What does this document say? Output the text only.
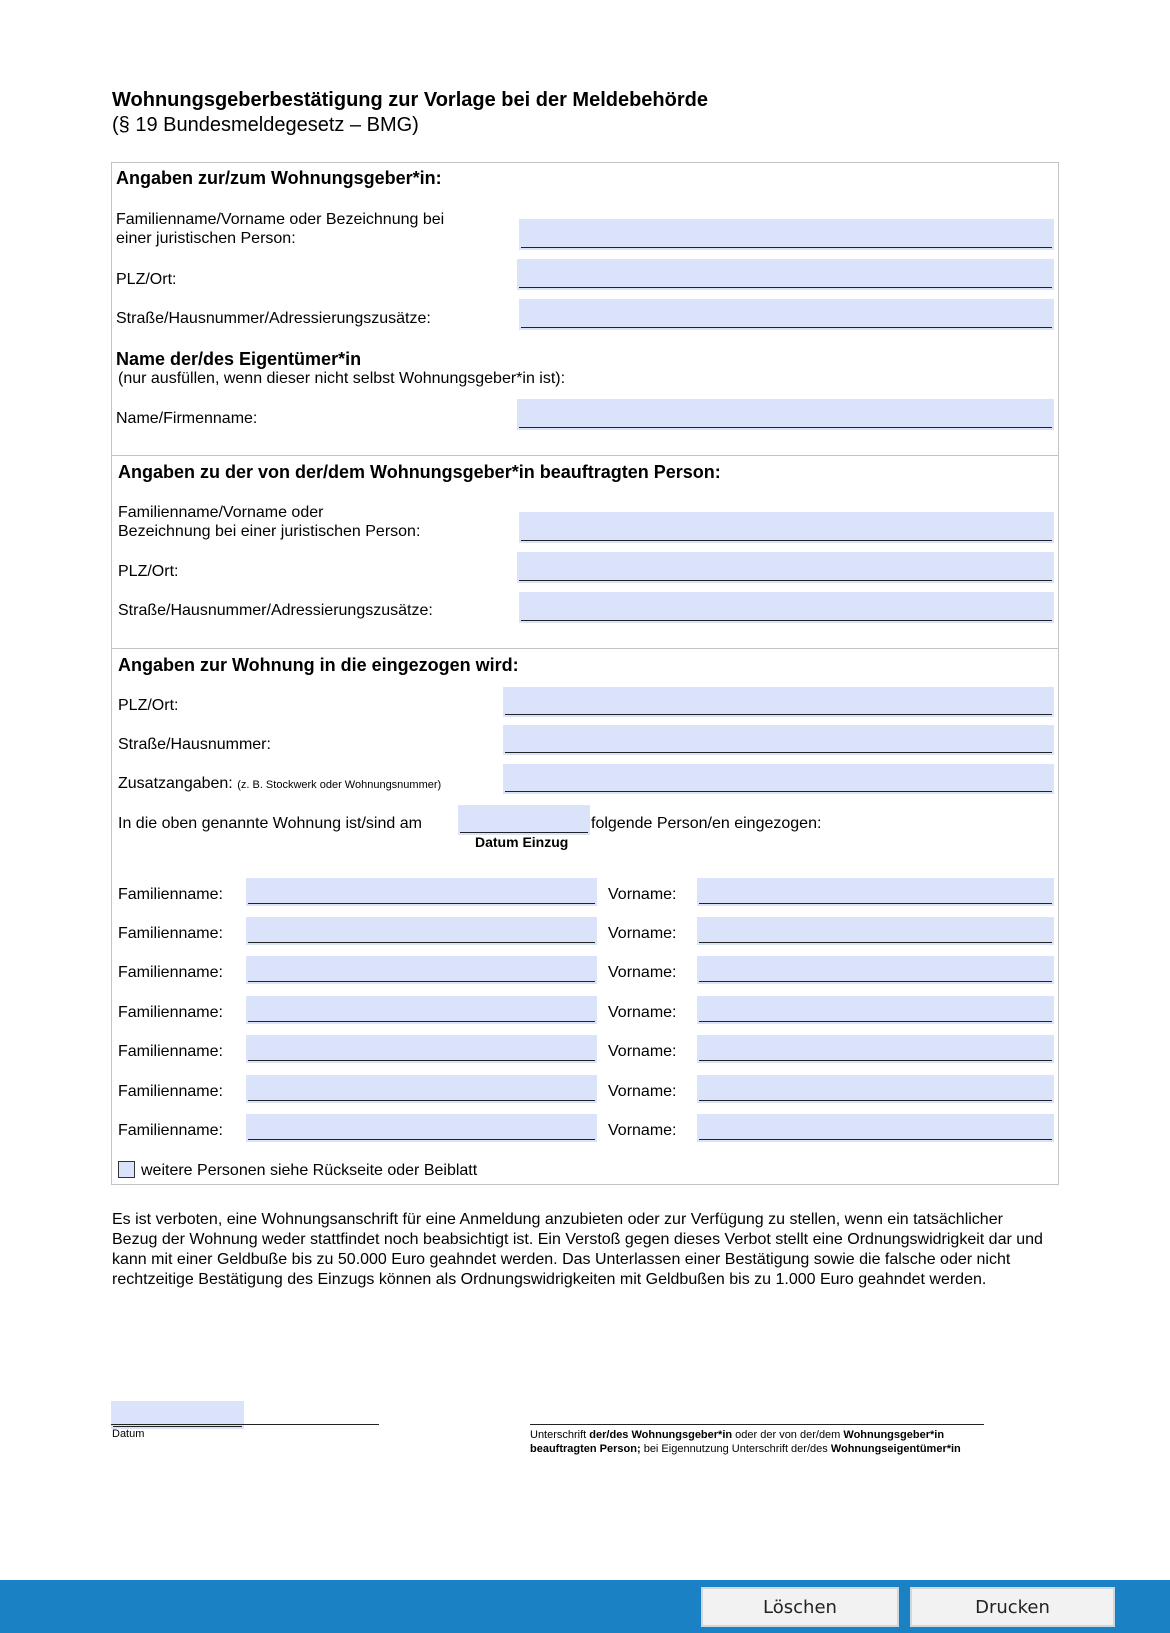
Wohnungsgeberbestätigung zur Vorlage bei der Meldebehörde
(§ 19 Bundesmeldegesetz – BMG)
Angaben zur/zum Wohnungsgeber*in:
Familienname/Vorname oder Bezeichnung bei
einer juristischen Person:
PLZ/Ort:
Straße/Hausnummer/Adressierungszusätze:
Name der/des Eigentümer*in
(nur ausfüllen, wenn dieser nicht selbst Wohnungsgeber*in ist):
Name/Firmenname:
Angaben zu der von der/dem Wohnungsgeber*in beauftragten Person:
Familienname/Vorname oder
Bezeichnung bei einer juristischen Person:
PLZ/Ort:
Straße/Hausnummer/Adressierungszusätze:
Angaben zur Wohnung in die eingezogen wird:
PLZ/Ort:
Straße/Hausnummer:
Zusatzangaben: (z. B. Stockwerk oder Wohnungsnummer)
In die oben genannte Wohnung ist/sind am	folgende Person/en eingezogen:
Datum Einzug
Familienname:	Vorname:
Familienname:	Vorname:
Familienname:	Vorname:
Familienname:	Vorname:
Familienname:	Vorname:
Familienname:	Vorname:
Familienname:	Vorname:
weitere Personen siehe Rückseite oder Beiblatt
Es ist verboten, eine Wohnungsanschrift für eine Anmeldung anzubieten oder zur Verfügung zu stellen, wenn ein tatsächlicher Bezug der Wohnung weder stattfindet noch beabsichtigt ist. Ein Verstoß gegen dieses Verbot stellt eine Ordnungswidrigkeit dar und kann mit einer Geldbuße bis zu 50.000 Euro geahndet werden. Das Unterlassen einer Bestätigung sowie die falsche oder nicht rechtzeitige Bestätigung des Einzugs können als Ordnungswidrigkeiten mit Geldbußen bis zu 1.000 Euro geahndet werden.
Datum	Unterschrift der/des Wohnungsgeber*in oder der von der/dem Wohnungsgeber*in
beauftragten Person; bei Eigennutzung Unterschrift der/des Wohnungseigentümer*in
Löschen	Drucken
